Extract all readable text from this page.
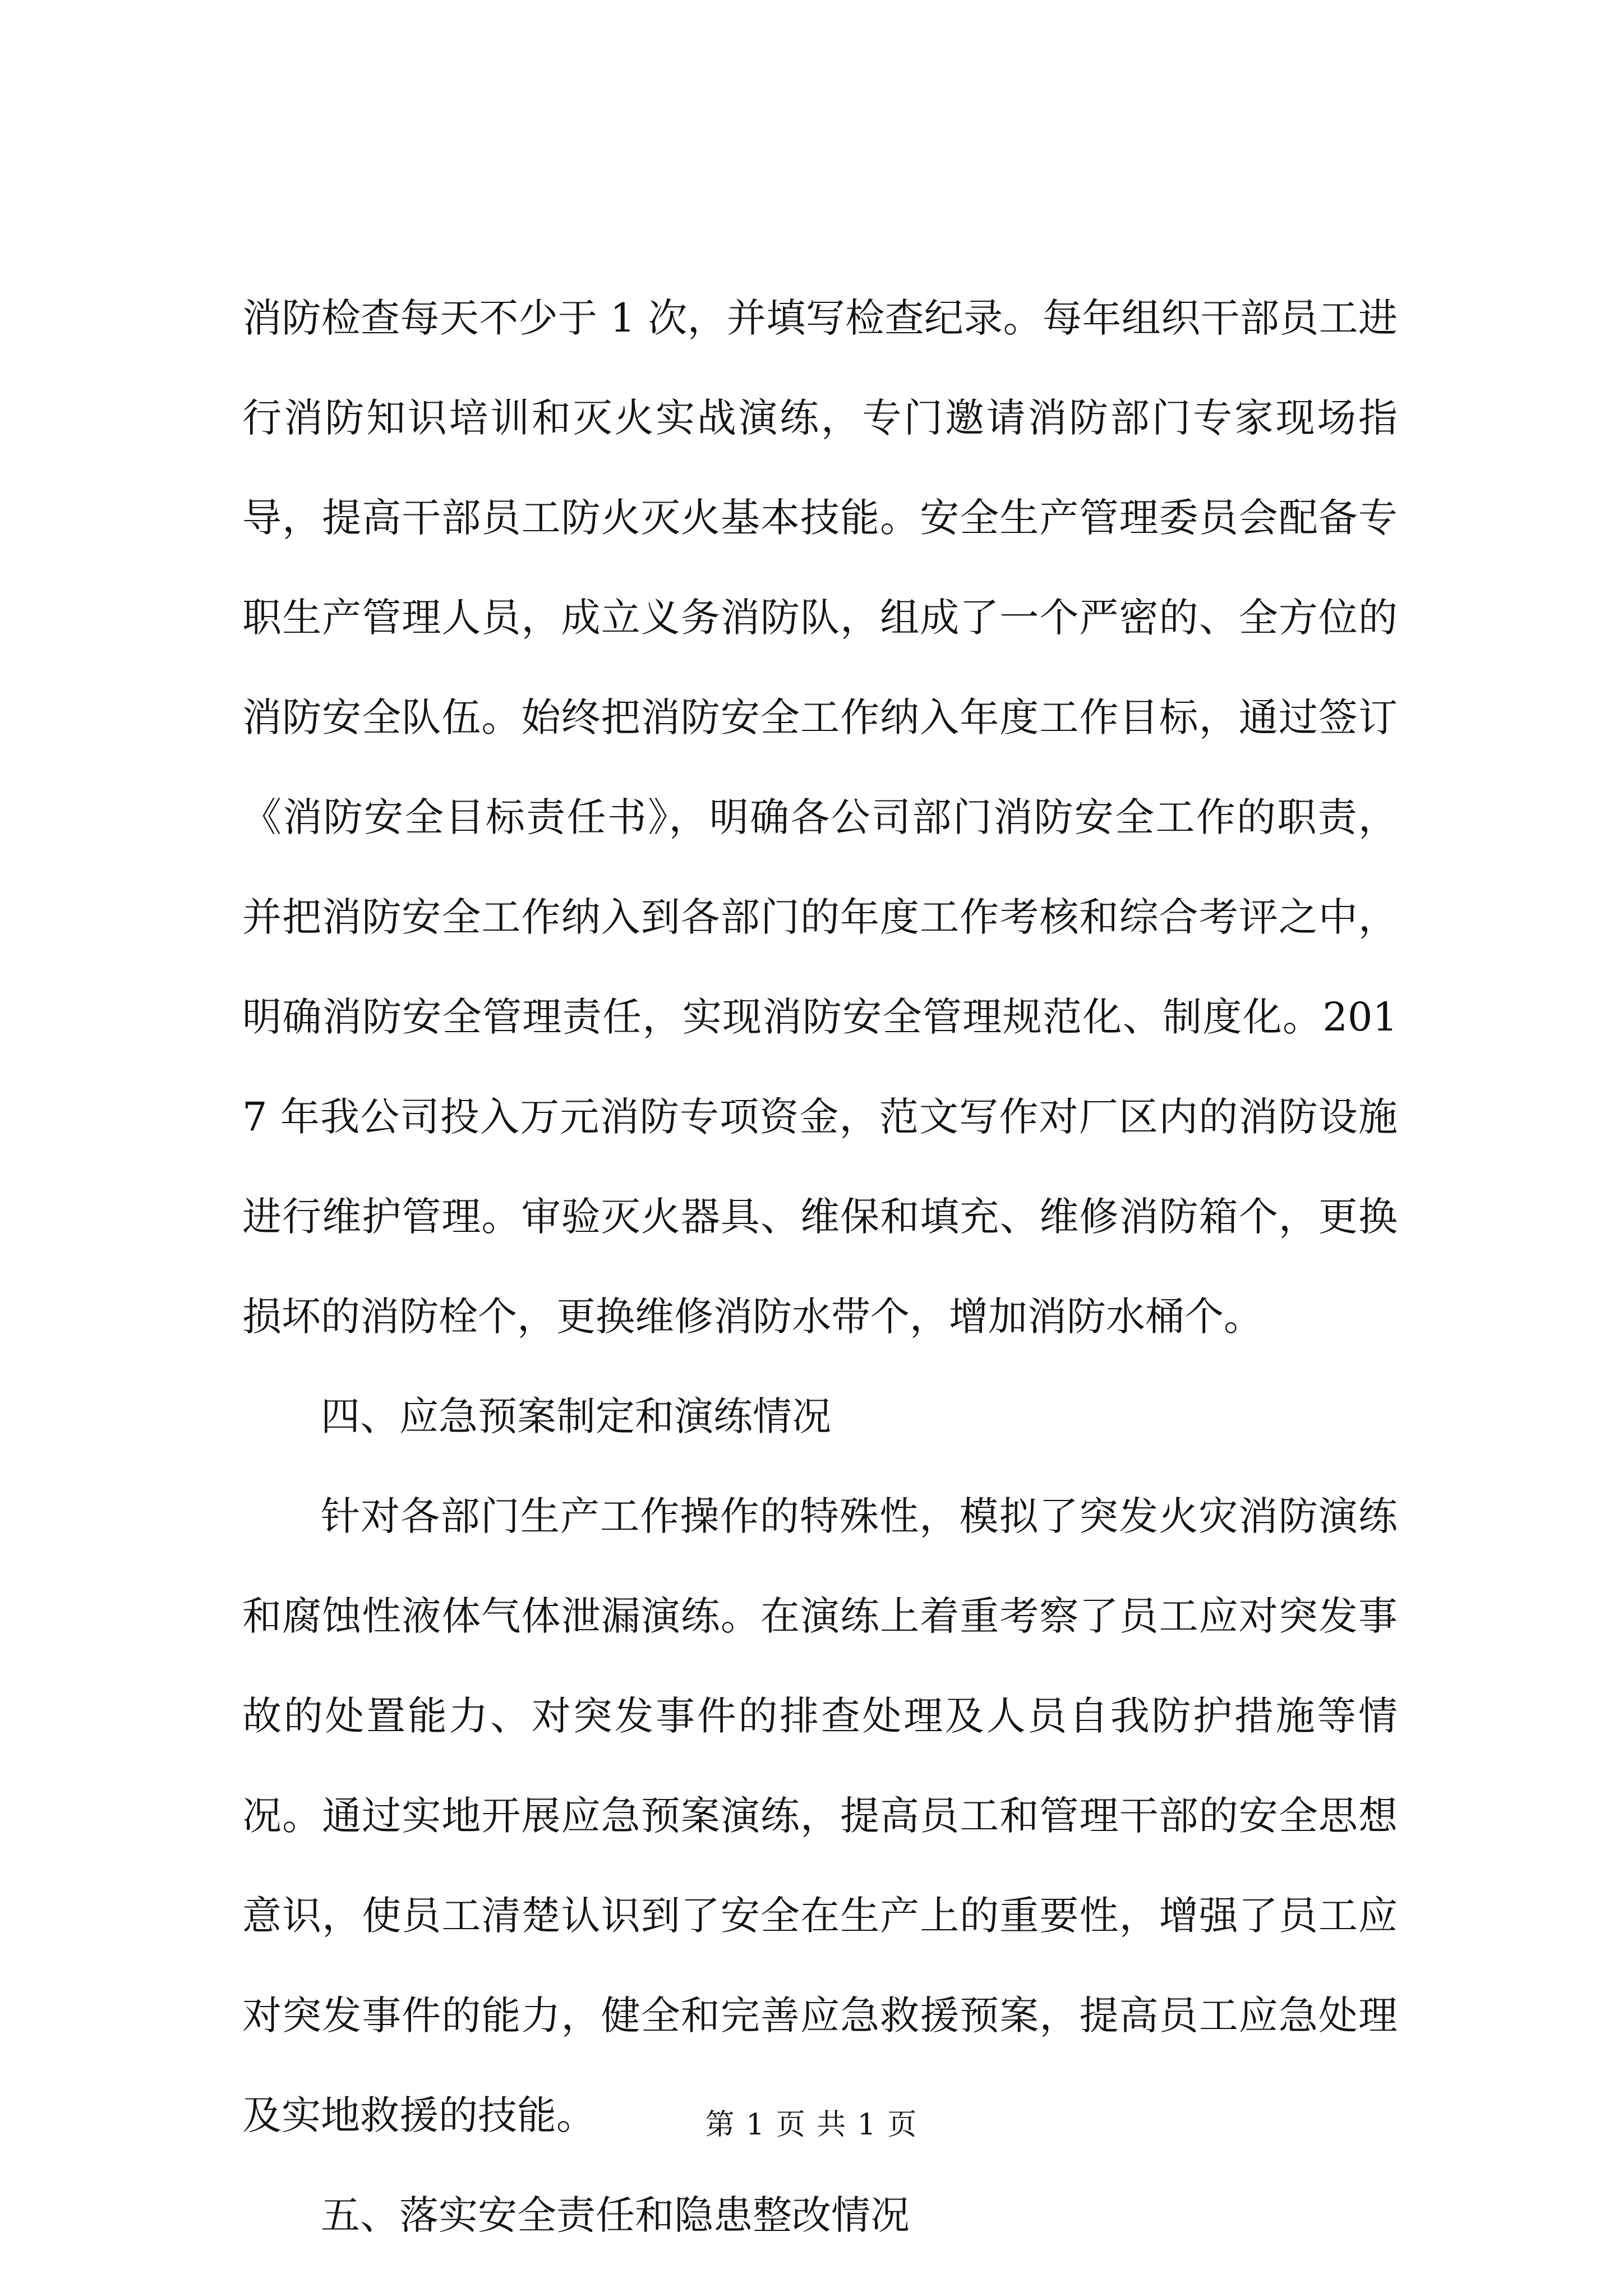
消防检查每天不少于 1 次，并填写检查纪录。每年组织干部员工进行消防知识培训和灭火实战演练，专门邀请消防部门专家现场指导，提高干部员工防火灭火基本技能。安全生产管理委员会配备专职生产管理人员，成立义务消防队，组成了一个严密的、全方位的消防安全队伍。始终把消防安全工作纳入年度工作目标，通过签订《消防安全目标责任书》，明确各公司部门消防安全工作的职责，并把消防安全工作纳入到各部门的年度工作考核和综合考评之中，明确消防安全管理责任，实现消防安全管理规范化、制度化。2017 年我公司投入万元消防专项资金，范文写作对厂区内的消防设施进行维护管理。审验灭火器具、维保和填充、维修消防箱个，更换损坏的消防栓个，更换维修消防水带个，增加消防水桶个。

四、应急预案制定和演练情况

针对各部门生产工作操作的特殊性，模拟了突发火灾消防演练和腐蚀性液体气体泄漏演练。在演练上着重考察了员工应对突发事故的处置能力、对突发事件的排查处理及人员自我防护措施等情况。通过实地开展应急预案演练，提高员工和管理干部的安全思想意识，使员工清楚认识到了安全在生产上的重要性，增强了员工应对突发事件的能力，健全和完善应急救援预案，提高员工应急处理及实地救援的技能。

五、落实安全责任和隐患整改情况

第 1 页 共 1 页
